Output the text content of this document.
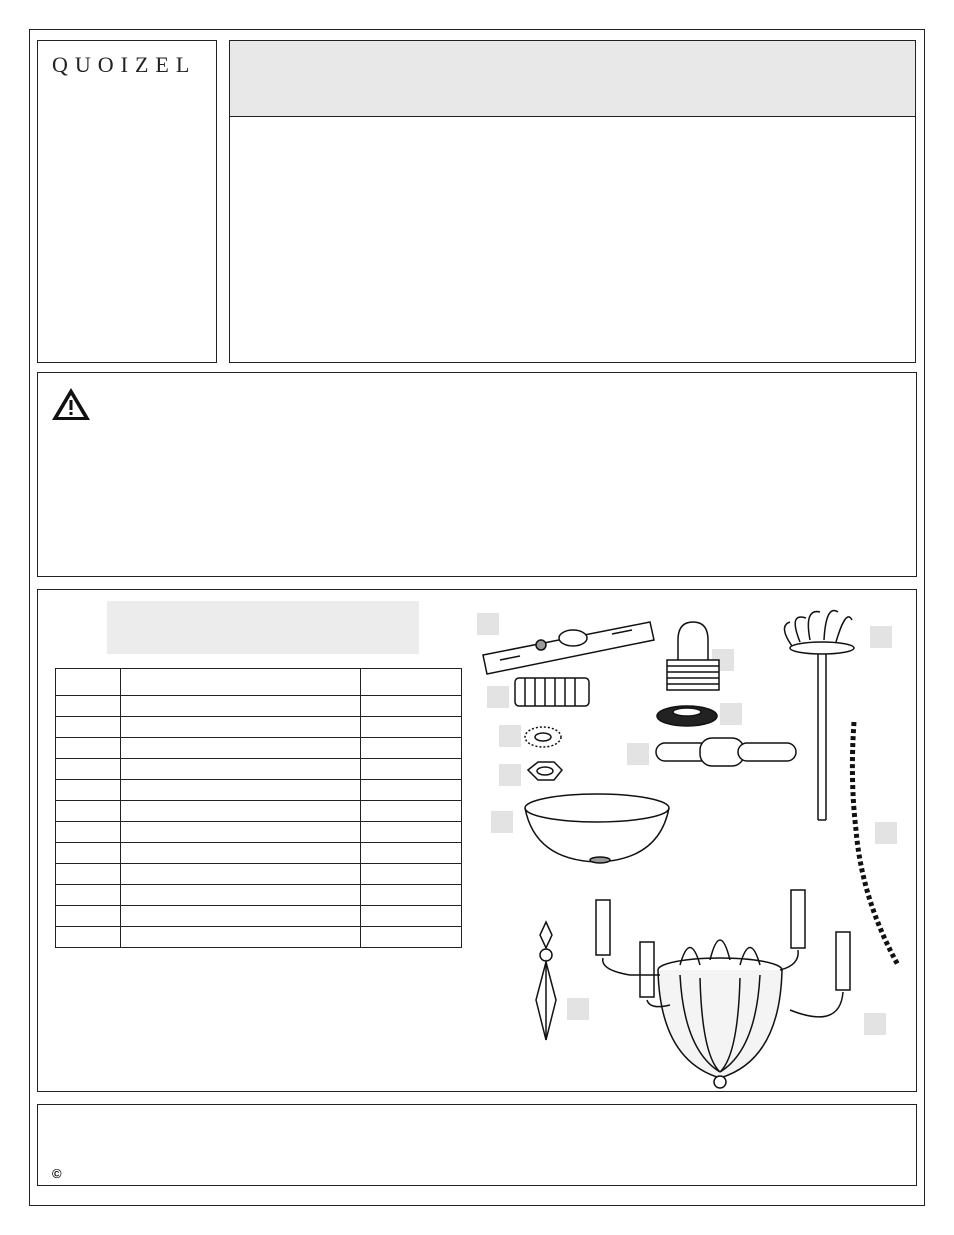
QUOIZEL

©
